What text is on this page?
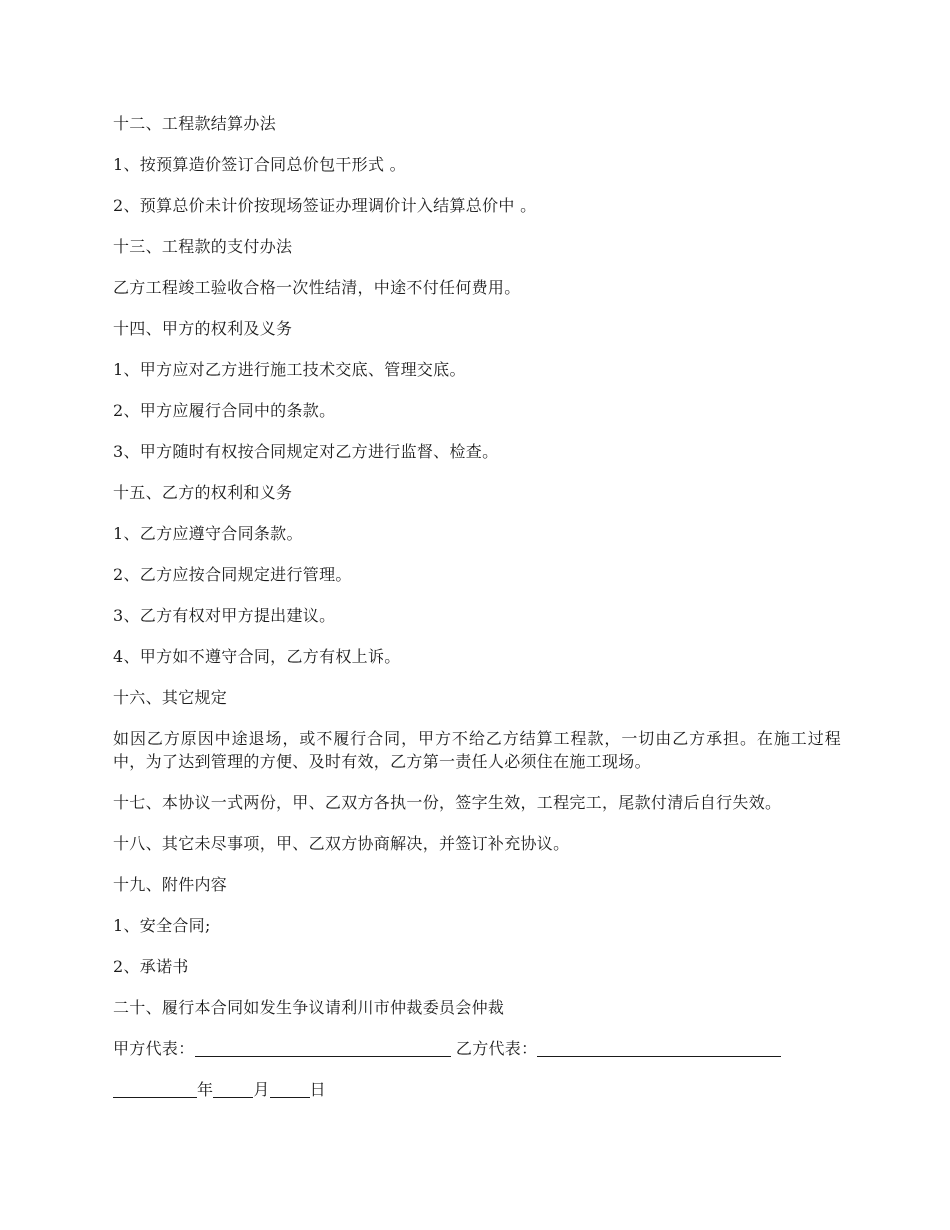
十二、工程款结算办法

1、按预算造价签订合同总价包干形式 。

2、预算总价未计价按现场签证办理调价计入结算总价中 。

十三、工程款的支付办法

乙方工程竣工验收合格一次性结清，中途不付任何费用。

十四、甲方的权利及义务

1、甲方应对乙方进行施工技术交底、管理交底。

2、甲方应履行合同中的条款。

3、甲方随时有权按合同规定对乙方进行监督、检查。

十五、乙方的权利和义务

1、乙方应遵守合同条款。

2、乙方应按合同规定进行管理。

3、乙方有权对甲方提出建议。

4、甲方如不遵守合同，乙方有权上诉。

十六、其它规定

如因乙方原因中途退场，或不履行合同，甲方不给乙方结算工程款，一切由乙方承担。在施工过程中，为了达到管理的方便、及时有效，乙方第一责任人必须住在施工现场。

十七、本协议一式两份，甲、乙双方各执一份，签字生效，工程完工，尾款付清后自行失效。

十八、其它未尽事项，甲、乙双方协商解决，并签订补充协议。

十九、附件内容

1、安全合同;

2、承诺书

二十、履行本合同如发生争议请利川市仲裁委员会仲裁

甲方代表：	乙方代表：

年	月	日
